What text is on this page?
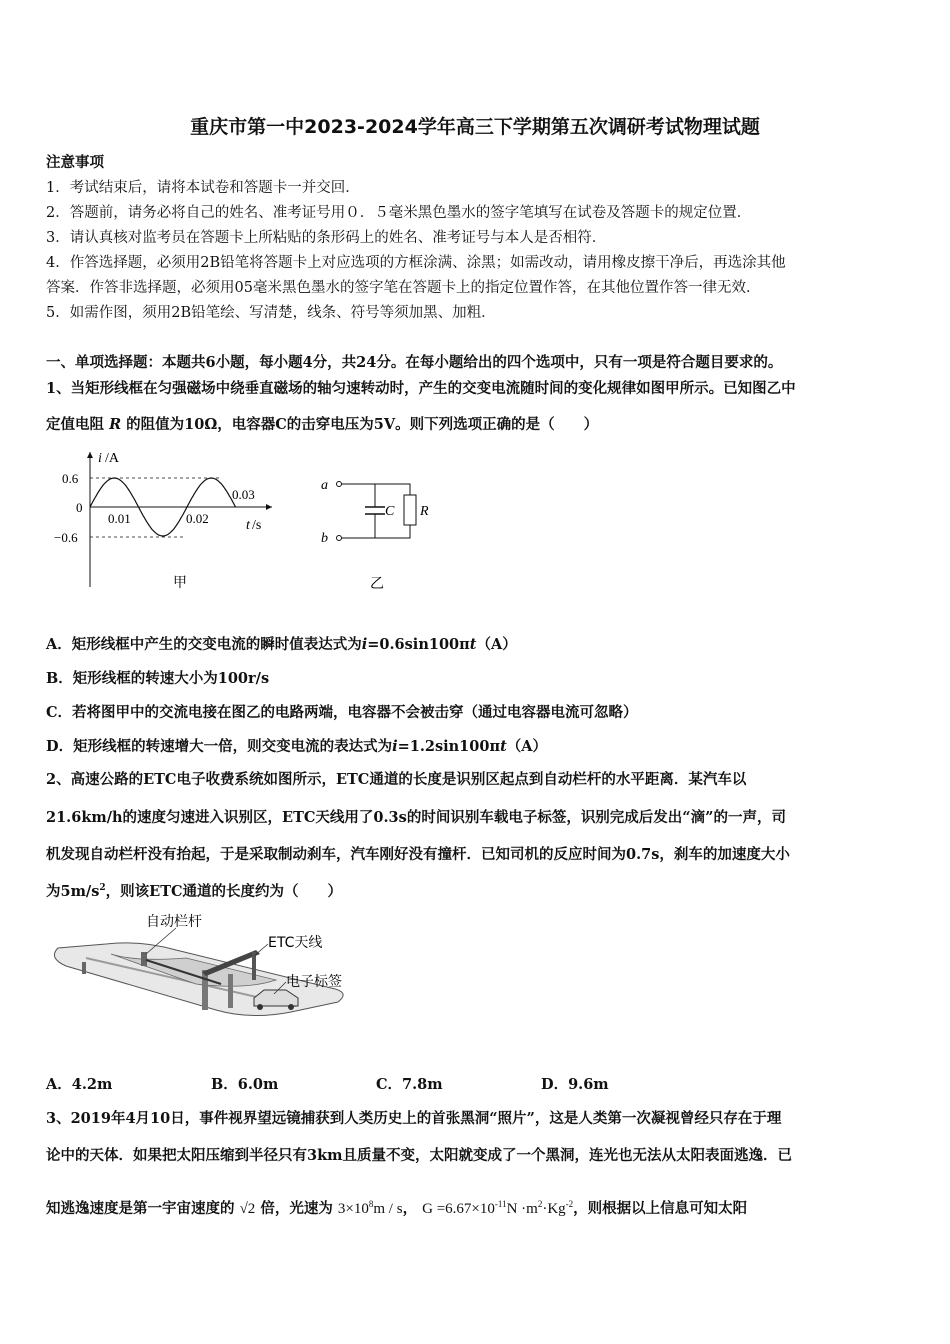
重庆市第一中2023-2024学年高三下学期第五次调研考试物理试题
注意事项
1．考试结束后，请将本试卷和答题卡一并交回．
2．答题前，请务必将自己的姓名、准考证号用０．５毫米黑色墨水的签字笔填写在试卷及答题卡的规定位置．
3．请认真核对监考员在答题卡上所粘贴的条形码上的姓名、准考证号与本人是否相符．
4．作答选择题，必须用2B铅笔将答题卡上对应选项的方框涂满、涂黑；如需改动，请用橡皮擦干净后，再选涂其他
答案．作答非选择题，必须用05毫米黑色墨水的签字笔在答题卡上的指定位置作答，在其他位置作答一律无效．
5．如需作图，须用2B铅笔绘、写清楚，线条、符号等须加黑、加粗．
一、单项选择题：本题共6小题，每小题4分，共24分。在每小题给出的四个选项中，只有一项是符合题目要求的。
1、当矩形线框在匀强磁场中绕垂直磁场的轴匀速转动时，产生的交变电流随时间的变化规律如图甲所示。已知图乙中
定值电阻 R 的阻值为10Ω，电容器C的击穿电压为5V。则下列选项正确的是（　　）
i /A
0.6
0
−0.6
0.01	0.02
0.03
t /s
甲
a
b
C R
乙
A．矩形线框中产生的交变电流的瞬时值表达式为i=0.6sin100πt（A）
B．矩形线框的转速大小为100r/s
C．若将图甲中的交流电接在图乙的电路两端，电容器不会被击穿（通过电容器电流可忽略）
D．矩形线框的转速增大一倍，则交变电流的表达式为i=1.2sin100πt（A）
2、高速公路的ETC电子收费系统如图所示，ETC通道的长度是识别区起点到自动栏杆的水平距离．某汽车以
21.6km/h的速度匀速进入识别区，ETC天线用了0.3s的时间识别车载电子标签，识别完成后发出“滴”的一声，司
机发现自动栏杆没有抬起，于是采取制动刹车，汽车刚好没有撞杆．已知司机的反应时间为0.7s，刹车的加速度大小
为$5m/s^2$，则该ETC通道的长度约为（　　）
自动栏杆
ETC天线
电子标签
A．4.2m	B．6.0m	C．7.8m	D．9.6m
3、2019年4月10日，事件视界望远镜捕获到人类历史上的首张黑洞“照片”，这是人类第一次凝视曾经只存在于理
论中的天体．如果把太阳压缩到半径只有3km且质量不变，太阳就变成了一个黑洞，连光也无法从太阳表面逃逸．已
知逃逸速度是第一宇宙速度的 √2 倍，光速为 $3\times 10^8m / s$， $G =6.67\times 10^{-11}N \cdot m^2\cdot Kg^{-2}$，则根据以上信息可知太阳
